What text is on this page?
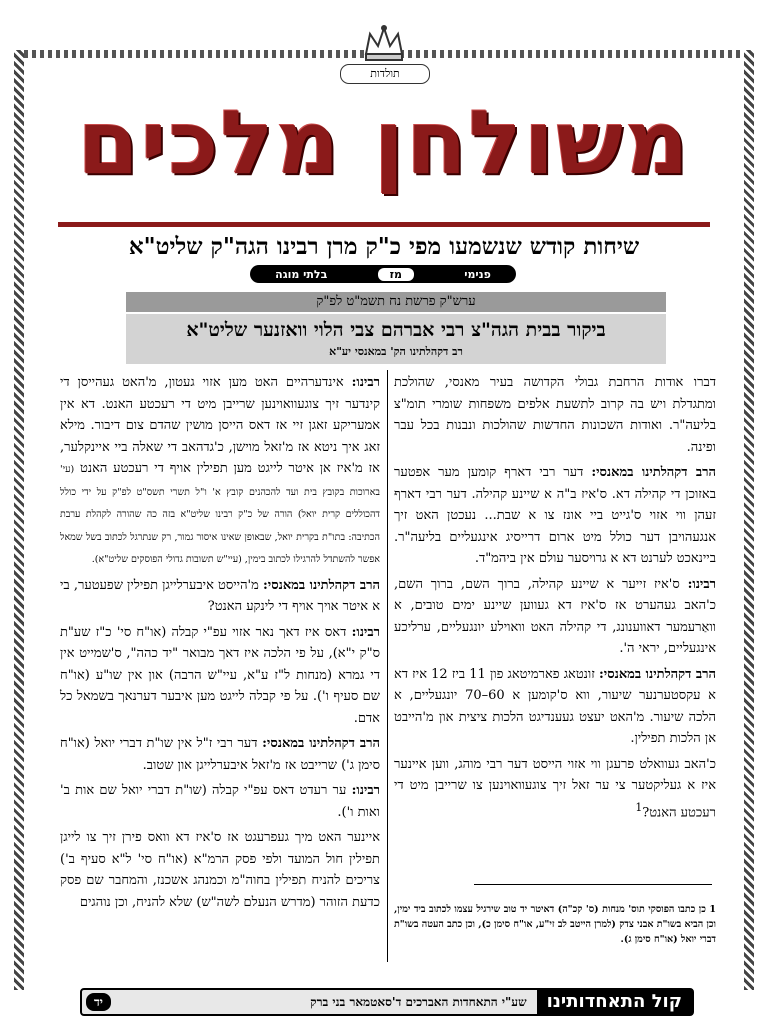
תולדות
משולחן מלכים
שיחות קודש שנשמעו מפי כ"ק מרן רבינו הגה"ק שליט"א
פנימי
מז
בלתי מוגה
ערש"ק פרשת נח תשמ"ט לפ"ק
ביקור בבית הגה"צ רבי אברהם צבי הלוי וואזנער שליט"א
רב דקהלתינו הק' במאנסי יע"א

דברו אודות הרחבת גבולי הקדושה בעיר מאנסי, שהולכת ומתגדלת ויש בה קרוב לתשעת אלפים משפחות שומרי תומ"צ בליעה"ר. ואודות השכונות החדשות שהולכות ונבנות בכל עבר ופינה.

הרב דקהלתינו במאנסי: דער רבי דארף קומען מער אפטער באזוכן די קהילה דא. ס'איז ב"ה א שיינע קהילה. דער רבי דארף זעהן ווי אזוי ס'גייט ביי אונז צו א שבת... נעכטן האט זיך אנגעהויבן דער כולל מיט ארום דרייסיג אינגעליים בליעה"ר. ביינאכט לערנט דא א גרויסער עולם אין ביהמ"ד.

רבינו: ס'איז זייער א שיינע קהילה, ברוך השם, ברוך השם, כ'האב געהערט אז ס'איז דא געווען שיינע ימים טובים, א וואַרעמער דאווענונג, די קהילה האט וואוילע יונגעליים, ערליכע אינגעליים, יראי ה'.

הרב דקהלתינו במאנסי: זונטאג פארמיטאג פון 11 ביז 12 איז דא א עקסטערנער שיעור, ווא ס'קומען א 60–70 יונגעליים, א הלכה שיעור. מ'האט יעצט געענדיגט הלכות ציצית און מ'הייבט אן הלכות תפילין.

כ'האב געוואלט פרעגן ווי אזוי הייסט דער רבי מוהג, ווען איינער איז א געליקטער צי ער זאל זיך צוגעוואוינען צו שרייבן מיט די רעכטע האנט?$^1$

רבינו: אינדערהיים האט מען אזוי געטון, מ'האט געהייסן די קינדער זיך צוגעוואוינען שרייבן מיט די רעכטע האנט. דא אין אמעריקע זאגן זיי אז דאס הייסן מושין שהדם צום דיבור. מילא זאג איך ניטא אז מ'זאל מוישן, כ'גדהאב די שאלה ביי איינקלער, אז מ'איז אן איטר לייגט מען תפילין אויף די רעכטע האנט (עי' בארוכות בקובץ בית ועד להכהנים קובץ א' ו"ל תשרי תשס"ט לפ"ק על ידי כולל דהכוללים קרית יואל) הורה של כ"ק רבינו שליט"א בזה כה שהורה לקהלת ערבת הכתיבה: בתו"ת בקרית יואל, שבאופן שאינו איסור גמור, רק שנתרגל לכתוב בשל שמאל אפשר להשתדל להרגילו לכתוב בימין, (עיי"ש תשובות גדולי הפוסקים שליט"א).

הרב דקהלתינו במאנסי: מ'הייסט איבערלייגן תפילין שפעטער, בי א איטר אויך אויף די לינקע האנט?

רבינו: דאס איז דאך נאר אזוי עפ"י קבלה (או"ח סי' כ"ז שע"ת ס"ק י"א), על פי הלכה איז דאך מבואר "יד כהה", ס'שמייט אין די גמרא (מנחות ל"ז ע"א, עיי"ש הרבה) און אין שו"ע (או"ח שם סעיף ו'). על פי קבלה לייגט מען איבער דערנאך בשמאל כל אדם.

הרב דקהלתינו במאנסי: דער רבי ז"ל אין שו"ת דברי יואל (או"ח סימן ג') שרייבט אז מ'זאל איבערלייגן און שטוב.

רבינו: ער רעדט דאס עפ"י קבלה (שו"ת דברי יואל שם אות ב' ואות ו').

איינער האט מיך געפרעגט אז ס'איז דא וואס פירן זיך צו לייגן תפילין חול המועד ולפי פסק הרמ"א (או"ח סי' ל"א סעיף ב') צריכים להניח תפילין בחוה"מ וכמנהג אשכנז, והמחבר שם פסק כדעת הזוהר (מדרש הנעלם לשה"ש) שלא להניח, וכן נוהגים	1 כן כתבו הפוסקי תוס' מנחות (ס' קכ"ה) דאיטר יד טוב שירגיל עצמו לכתוב ביד ימין, וכן הביא בשו"ת אבני צדק (למרן הייטב לב זי"ע, או"ח סימן כ), וכן כתב העטה בשו"ת דברי יואל (או"ח סימן ג).
קול התאחדותינו
שע"י התאחדות האברכים ד'סאטמאר בני ברק
יד
